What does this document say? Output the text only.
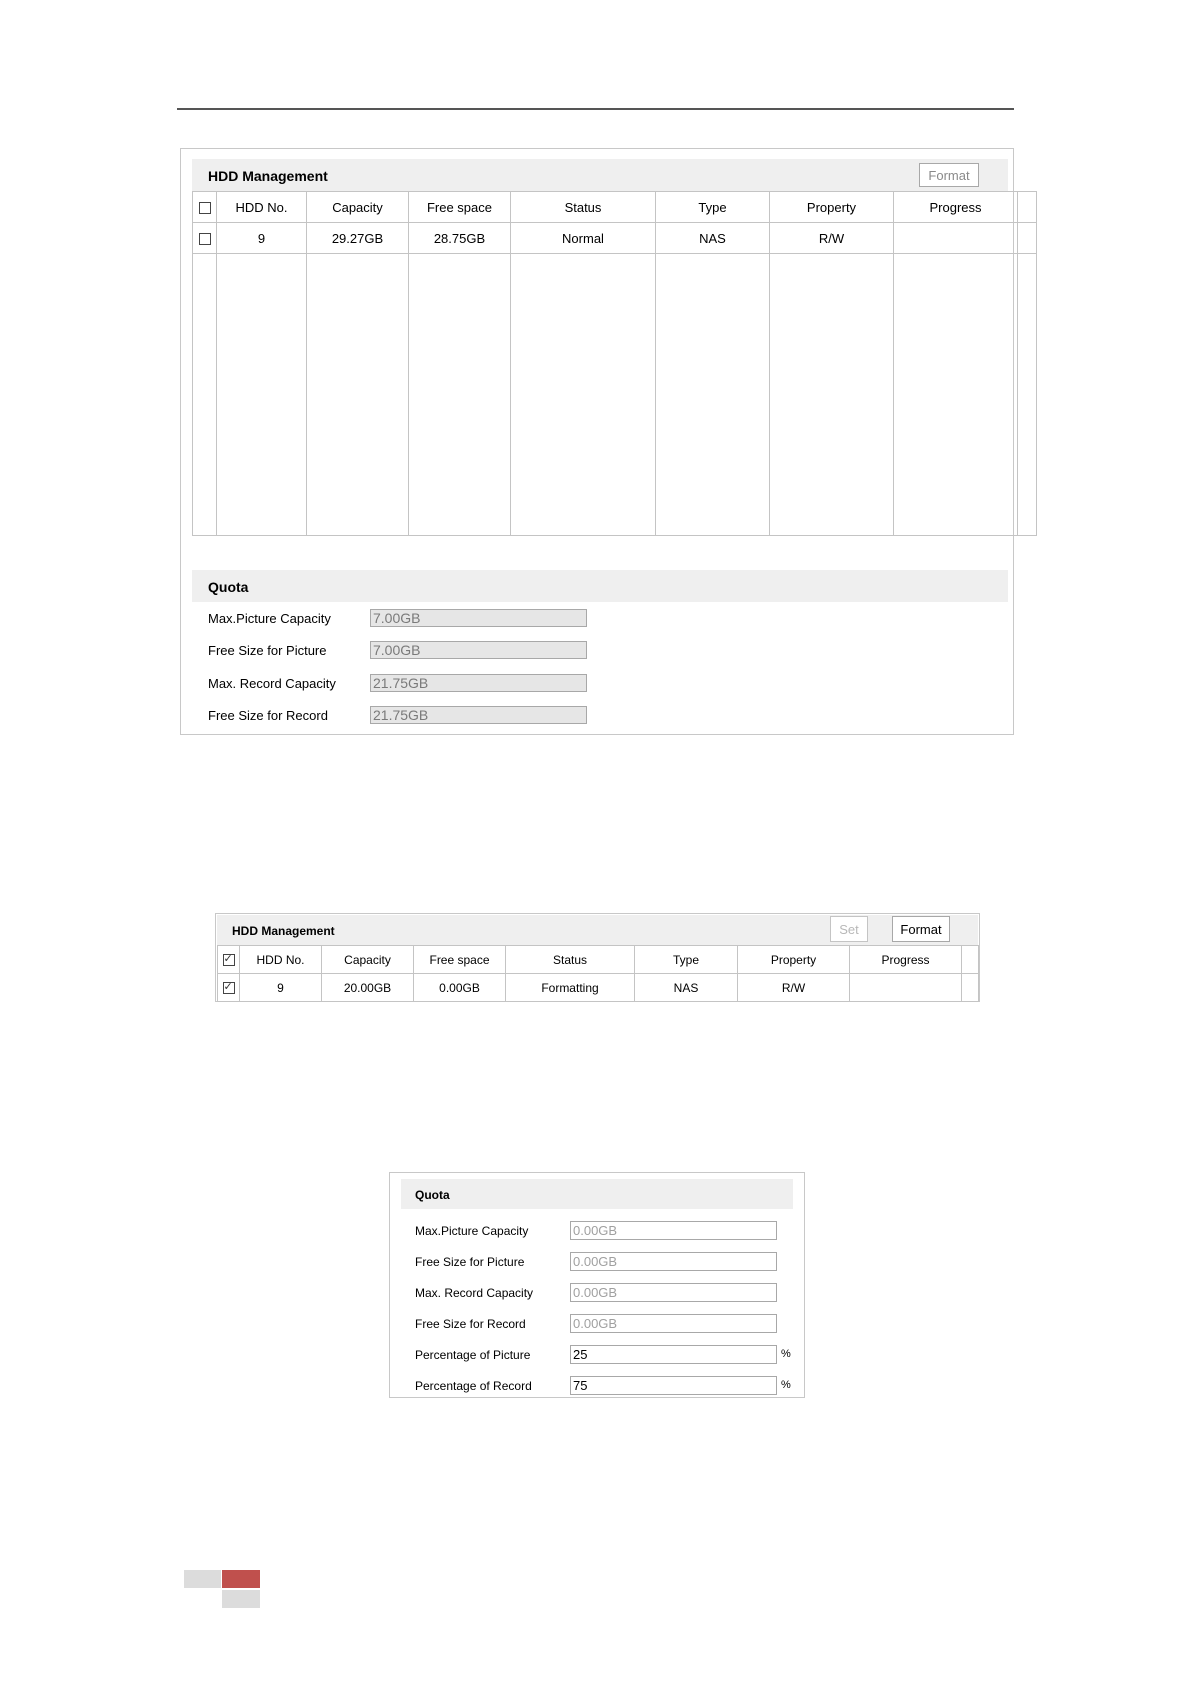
HDD Management	Format
	HDD No.	Capacity	Free space	Status	Type	Property	Progress	
	9	29.27GB	28.75GB	Normal	NAS	R/W		

Quota
Max.Picture Capacity
7.00GB
Free Size for Picture
7.00GB
Max. Record Capacity
21.75GB
Free Size for Record
21.75GB
HDD Management	Set	Format
✓	HDD No.	Capacity	Free space	Status	Type	Property	Progress	
✓	9	20.00GB	0.00GB	Formatting	NAS	R/W		
Quota
Max.Picture Capacity
0.00GB
Free Size for Picture
0.00GB
Max. Record Capacity
0.00GB
Free Size for Record
0.00GB
Percentage of Picture
25	%
Percentage of Record
75	%
